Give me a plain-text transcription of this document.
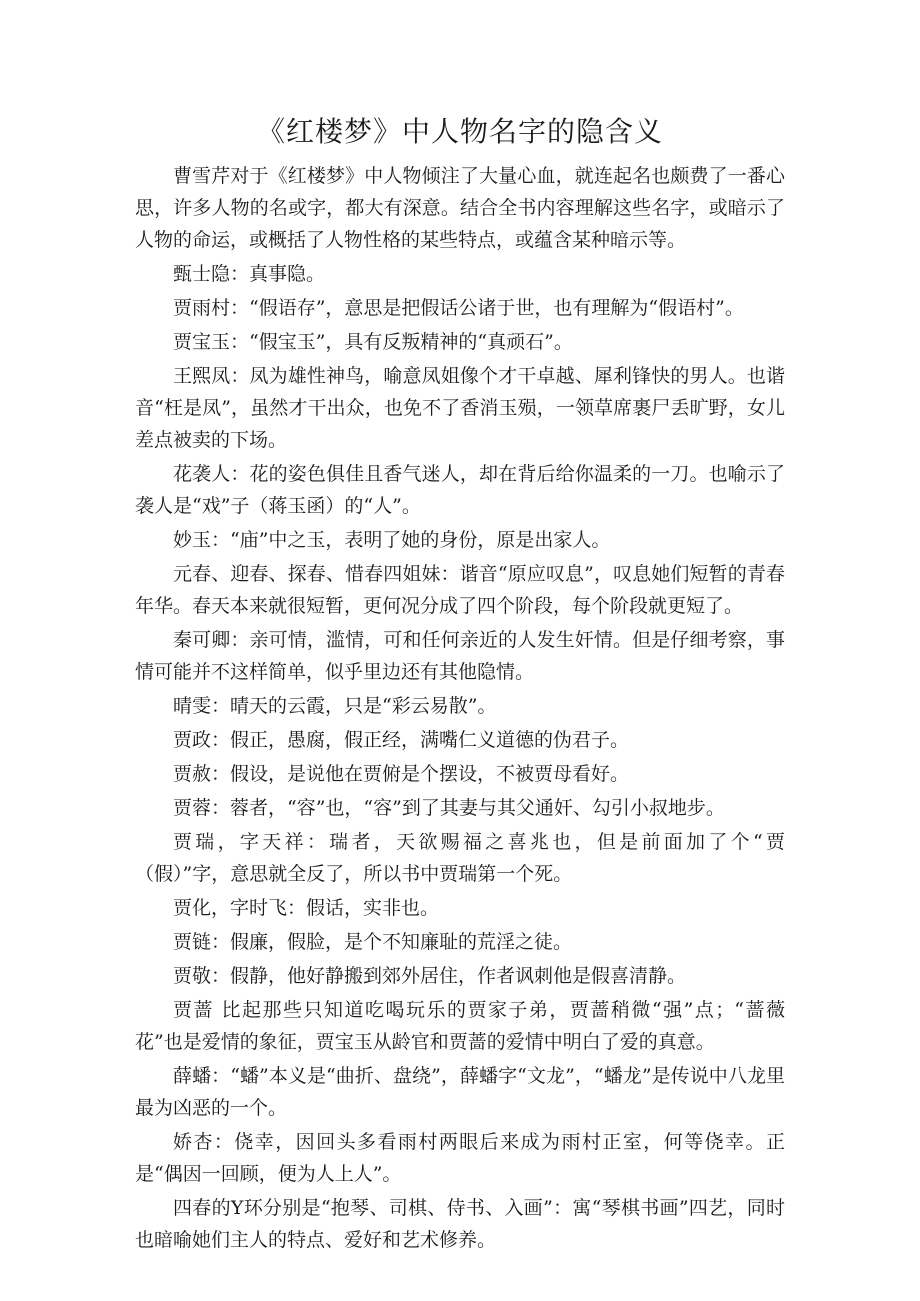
《红楼梦》中人物名字的隐含义

曹雪芹对于《红楼梦》中人物倾注了大量心血，就连起名也颇费了一番心思，许多人物的名或字，都大有深意。结合全书内容理解这些名字，或暗示了人物的命运，或概括了人物性格的某些特点，或蕴含某种暗示等。

甄士隐：真事隐。

贾雨村：“假语存”，意思是把假话公诸于世，也有理解为“假语村”。

贾宝玉：“假宝玉”，具有反叛精神的“真顽石”。

王熙凤：凤为雄性神鸟，喻意凤姐像个才干卓越、犀利锋快的男人。也谐音“枉是凤”，虽然才干出众，也免不了香消玉殒，一领草席裹尸丢旷野，女儿差点被卖的下场。

花袭人：花的姿色俱佳且香气迷人，却在背后给你温柔的一刀。也喻示了袭人是“戏”子（蒋玉函）的“人”。

妙玉：“庙”中之玉，表明了她的身份，原是出家人。

元春、迎春、探春、惜春四姐妹：谐音“原应叹息”，叹息她们短暂的青春年华。春天本来就很短暂，更何况分成了四个阶段，每个阶段就更短了。

秦可卿：亲可情，滥情，可和任何亲近的人发生奸情。但是仔细考察，事情可能并不这样简单，似乎里边还有其他隐情。

晴雯：晴天的云霞，只是“彩云易散”。

贾政：假正，愚腐，假正经，满嘴仁义道德的伪君子。

贾赦：假设，是说他在贾俯是个摆设，不被贾母看好。

贾蓉：蓉者，“容”也，“容”到了其妻与其父通奸、勾引小叔地步。

贾瑞，字天祥：瑞者，天欲赐福之喜兆也，但是前面加了个“贾（假）”字，意思就全反了，所以书中贾瑞第一个死。

贾化，字时飞：假话，实非也。

贾链：假廉，假脸，是个不知廉耻的荒淫之徒。

贾敬：假静，他好静搬到郊外居住，作者讽刺他是假喜清静。

贾蔷 比起那些只知道吃喝玩乐的贾家子弟，贾蔷稍微“强”点；“蔷薇花”也是爱情的象征，贾宝玉从龄官和贾蔷的爱情中明白了爱的真意。

薛蟠：“蟠”本义是“曲折、盘绕”，薛蟠字“文龙”，“蟠龙”是传说中八龙里最为凶恶的一个。

娇杏：侥幸，因回头多看雨村两眼后来成为雨村正室，何等侥幸。正是“偶因一回顾，便为人上人”。

四春的Y环分别是“抱琴、司棋、侍书、入画”：寓“琴棋书画”四艺，同时也暗喻她们主人的特点、爱好和艺术修养。
